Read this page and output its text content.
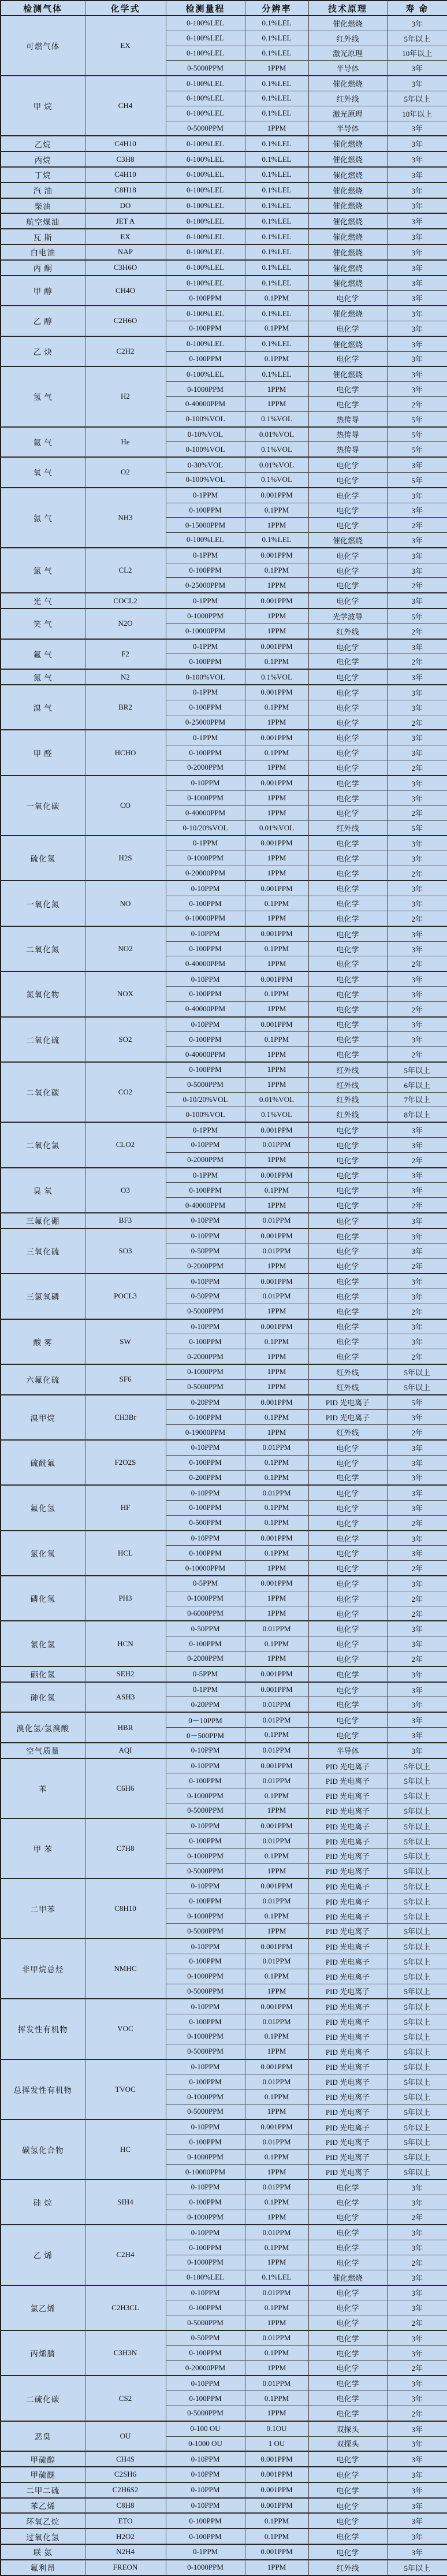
检测气体	化学式	检测量程	分辨率	技术原理	寿 命
可燃气体	EX	0-100%LEL	0.1%LEL	催化燃烧	3年
		0-100%LEL	0.1%LEL	红外线	5年以上
		0-100%LEL	0.1%LEL	激光原理	10年以上
		0-5000PPM	1PPM	半导体	3年
甲 烷	CH4	0-100%LEL	0.1%LEL	催化燃烧	3年
		0-100%LEL	0.1%LEL	红外线	5年以上
		0-100%LEL	0.1%LEL	激光原理	10年以上
		0-5000PPM	1PPM	半导体	3年
乙烷	C4H10	0-100%LEL	0.1%LEL	催化燃烧	3年
丙烷	C3H8	0-100%LEL	0.1%LEL	催化燃烧	3年
丁烷	C4H10	0-100%LEL	0.1%LEL	催化燃烧	3年
汽 油	C8H18	0-100%LEL	0.1%LEL	催化燃烧	3年
柴油	DO	0-100%LEL	0.1%LEL	催化燃烧	3年
航空煤油	JET A	0-100%LEL	0.1%LEL	催化燃烧	3年
瓦 斯	EX	0-100%LEL	0.1%LEL	催化燃烧	3年
白电油	NAP	0-100%LEL	0.1%LEL	催化燃烧	3年
丙 酮	C3H6O	0-100%LEL	0.1%LEL	催化燃烧	3年
甲 醇	CH4O	0-100%LEL	0.1%LEL	催化燃烧	3年
		0-100PPM	0.1PPM	电化学	3年
乙 醇	C2H6O	0-100%LEL	0.1%LEL	催化燃烧	3年
		0-100PPM	0.1PPM	电化学	3年
乙 炔	C2H2	0-100%LEL	0.1%LEL	催化燃烧	3年
		0-100PPM	0.1PPM	电化学	3年
氢 气	H2	0-100%LEL	0.1%LEL	催化燃烧	3年
		0-1000PPM	1PPM	电化学	3年
		0-40000PPM	1PPM	电化学	2年
		0-100%VOL	0.1%VOL	热传导	5年
氦 气	He	0-10%VOL	0.01%VOL	热传导	5年
		0-100%VOL	0.1%VOL	热传导	5年
氧 气	O2	0-30%VOL	0.01%VOL	电化学	3年
		0-100%VOL	0.1%VOL	电化学	5年
氨 气	NH3	0-1PPM	0.001PPM	电化学	3年
		0-100PPM	0.1PPM	电化学	3年
		0-15000PPM	1PPM	电化学	2年
		0-100%LEL	0.1%LEL	催化燃烧	3年
氯 气	CL2	0-1PPM	0.001PPM	电化学	3年
		0-100PPM	0.1PPM	电化学	3年
		0-25000PPM	1PPM	电化学	2年
光 气	COCL2	0-1PPM	0.001PPM	电化学	3年
笑 气	N2O	0-1000PPM	1PPM	光学波导	5年
		0-10000PPM	1PPM	红外线	2年
氟 气	F2	0-1PPM	0.001PPM	电化学	3年
		0-100PPM	0.1PPM	电化学	2年
氮 气	N2	0-100%VOL	0.1%VOL	电化学	3年
溴 气	BR2	0-1PPM	0.001PPM	电化学	3年
		0-100PPM	0.1PPM	电化学	3年
		0-25000PPM	1PPM	电化学	2年
甲 醛	HCHO	0-1PPM	0.001PPM	电化学	3年
		0-100PPM	0.1PPM	电化学	3年
		0-2000PPM	1PPM	电化学	2年
一氧化碳	CO	0-10PPM	0.001PPM	电化学	3年
		0-1000PPM	1PPM	电化学	3年
		0-40000PPM	1PPM	电化学	2年
		0-10/20%VOL	0.01%VOL	红外线	5年
硫化氢	H2S	0-1PPM	0.001PPM	电化学	3年
		0-1000PPM	1PPM	电化学	3年
		0-20000PPM	1PPM	电化学	2年
一氧化氮	NO	0-10PPM	0.001PPM	电化学	3年
		0-100PPM	0.1PPM	电化学	3年
		0-10000PPM	1PPM	电化学	2年
二氧化氮	NO2	0-10PPM	0.001PPM	电化学	3年
		0-100PPM	0.1PPM	电化学	3年
		0-40000PPM	1PPM	电化学	2年
氮氧化物	NOX	0-10PPM	0.001PPM	电化学	3年
		0-100PPM	0.1PPM	电化学	3年
		0-40000PPM	1PPM	电化学	2年
二氧化硫	SO2	0-10PPM	0.001PPM	电化学	3年
		0-100PPM	0.1PPM	电化学	3年
		0-40000PPM	1PPM	电化学	2年
二氧化碳	CO2	0-100PPM	1PPM	红外线	5年以上
		0-5000PPM	1PPM	红外线	6年以上
		0-10/20%VOL	0.01%VOL	红外线	7年以上
		0-100%VOL	0.1%VOL	红外线	8年以上
二氧化氯	CLO2	0-1PPM	0.001PPM	电化学	3年
		0-10PPM	0.01PPM	电化学	3年
		0-2000PPM	1PPM	电化学	2年
臭 氧	O3	0-1PPM	0.001PPM	电化学	3年
		0-100PPM	0.1PPM	电化学	3年
		0-40000PPM	1PPM	电化学	2年
三氟化硼	BF3	0-10PPM	0.01PPM	电化学	3年
三氧化硫	SO3	0-10PPM	0.001PPM	电化学	3年
		0-50PPM	0.01PPM	电化学	3年
		0-2000PPM	1PPM	电化学	2年
三氯氧磷	POCL3	0-10PPM	0.001PPM	电化学	3年
		0-50PPM	0.01PPM	电化学	3年
		0-5000PPM	1PPM	电化学	2年
酸 雾	SW	0-10PPM	0.001PPM	电化学	3年
		0-100PPM	0.1PPM	电化学	3年
		0-2000PPM	1PPM	电化学	2年
六氟化硫	SF6	0-1000PPM	1PPM	红外线	5年以上
		0-5000PPM	1PPM	红外线	5年以上
溴甲烷	CH3Br	0-20PPM	0.001PPM	PID 光电离子	5年
		0-100PPM	0.1PPM	PID 光电离子	3年
		0-19000PPM	1PPM	红外线	2年
硫酰氟	F2O2S	0-10PPM	0.01PPM	电化学	3年
		0-100PPM	0.1PPM	电化学	3年
		0-200PPM	0.1PPM	电化学	3年
氟化氢	HF	0-10PPM	0.01PPM	电化学	3年
		0-100PPM	0.1PPM	电化学	3年
		0-500PPM	0.1PPM	电化学	2年
氯化氢	HCL	0-10PPM	0.001PPM	电化学	3年
		0-100PPM	0.1PPM	电化学	3年
		0-10000PPM	1PPM	电化学	2年
磷化氢	PH3	0-5PPM	0.001PPM	电化学	3年
		0-1000PPM	1PPM	电化学	2年
		0-6000PPM	1PPM	电化学	2年
氰化氢	HCN	0-50PPM	0.01PPM	电化学	3年
		0-100PPM	0.1PPM	电化学	3年
		0-2000PPM	1PPM	电化学	2年
硒化氢	SEH2	0-5PPM	0.001PPM	电化学	3年
砷化氢	ASH3	0-1PPM	0.001PPM	电化学	3年
		0-20PPM	0.01PPM	电化学	3年
溴化氢/氢溴酸	HBR	0－10PPM	0.01PPM	电化学	3年
		0－500PPM	0.1PPM	电化学	3年
空气质量	AQI	0-10PPM	0.01PPM	半导体	3年
苯	C6H6	0-10PPM	0.001PPM	PID 光电离子	5年以上
		0-100PPM	0.01PPM	PID 光电离子	5年以上
		0-1000PPM	0.1PPM	PID 光电离子	5年以上
		0-5000PPM	1PPM	PID 光电离子	5年以上
甲 苯	C7H8	0-10PPM	0.001PPM	PID 光电离子	5年以上
		0-100PPM	0.01PPM	PID 光电离子	5年以上
		0-1000PPM	0.1PPM	PID 光电离子	5年以上
		0-5000PPM	1PPM	PID 光电离子	5年以上
二甲苯	C8H10	0-10PPM	0.001PPM	PID 光电离子	5年以上
		0-100PPM	0.01PPM	PID 光电离子	5年以上
		0-1000PPM	0.1PPM	PID 光电离子	5年以上
		0-5000PPM	1PPM	PID 光电离子	5年以上
非甲烷总烃	NMHC	0-10PPM	0.001PPM	PID 光电离子	5年以上
		0-100PPM	0.01PPM	PID 光电离子	5年以上
		0-1000PPM	0.1PPM	PID 光电离子	5年以上
		0-5000PPM	1PPM	PID 光电离子	5年以上
挥发性有机物	VOC	0-10PPM	0.001PPM	PID 光电离子	5年以上
		0-100PPM	0.01PPM	PID 光电离子	5年以上
		0-1000PPM	0.1PPM	PID 光电离子	5年以上
		0-5000PPM	1PPM	PID 光电离子	5年以上
总挥发性有机物	TVOC	0-10PPM	0.001PPM	PID 光电离子	5年以上
		0-100PPM	0.01PPM	PID 光电离子	5年以上
		0-1000PPM	0.1PPM	PID 光电离子	5年以上
		0-5000PPM	1PPM	PID 光电离子	5年以上
碳氢化合物	HC	0-10PPM	0.001PPM	PID 光电离子	5年以上
		0-100PPM	0.01PPM	PID 光电离子	5年以上
		0-1000PPM	0.1PPM	PID 光电离子	5年以上
		0-10000PPM	1PPM	PID 光电离子	5年以上
硅 烷	SIH4	0-10PPM	0.01PPM	电化学	3年
		0-100PPM	0.1PPM	电化学	3年
		0-1000PPM	1PPM	电化学	2年
乙 烯	C2H4	0-10PPM	0.01PPM	电化学	3年
		0-100PPM	0.1PPM	电化学	3年
		0-1000PPM	1PPM	电化学	2年
		0-100%LEL	0.1%LEL	催化燃烧	3年
氯乙烯	C2H3CL	0-10PPM	0.01PPM	电化学	3年
		0-100PPM	0.1PPM	电化学	3年
		0-5000PPM	1PPM	电化学	2年
丙烯腈	C3H3N	0-50PPM	0.01PPM	电化学	3年
		0-100PPM	0.1PPM	电化学	3年
		0-20000PPM	1PPM	电化学	2年
二硫化碳	CS2	0-10PPM	0.01PPM	电化学	3年
		0-100PPM	0.1PPM	电化学	3年
		0-5000PPM	1PPM	电化学	2年
恶臭	OU	0-100 OU	0.1OU	双探头	3年
		0-1000 OU	1 OU	双探头	3年
甲硫醇	CH4S	0-10PPM	0.001PPM	电化学	3年
甲硫醚	C2SH6	0-10PPM	0.001PPM	电化学	3年
二甲二硫	C2H6S2	0-10PPM	0.001PPM	电化学	3年
苯乙烯	C8H8	0-10PPM	0.001PPM	电化学	3年
环氧乙烷	ETO	0-100PPM	0.1PPM	电化学	3年
过氧化氢	H2O2	0-100PPM	0.1PPM	电化学	3年
联 氨	N2H4	0-1PPM	0.001PPM	电化学	3年
氟利昂	FREON	0-1000PPM	1PPM	红外线	5年以上
